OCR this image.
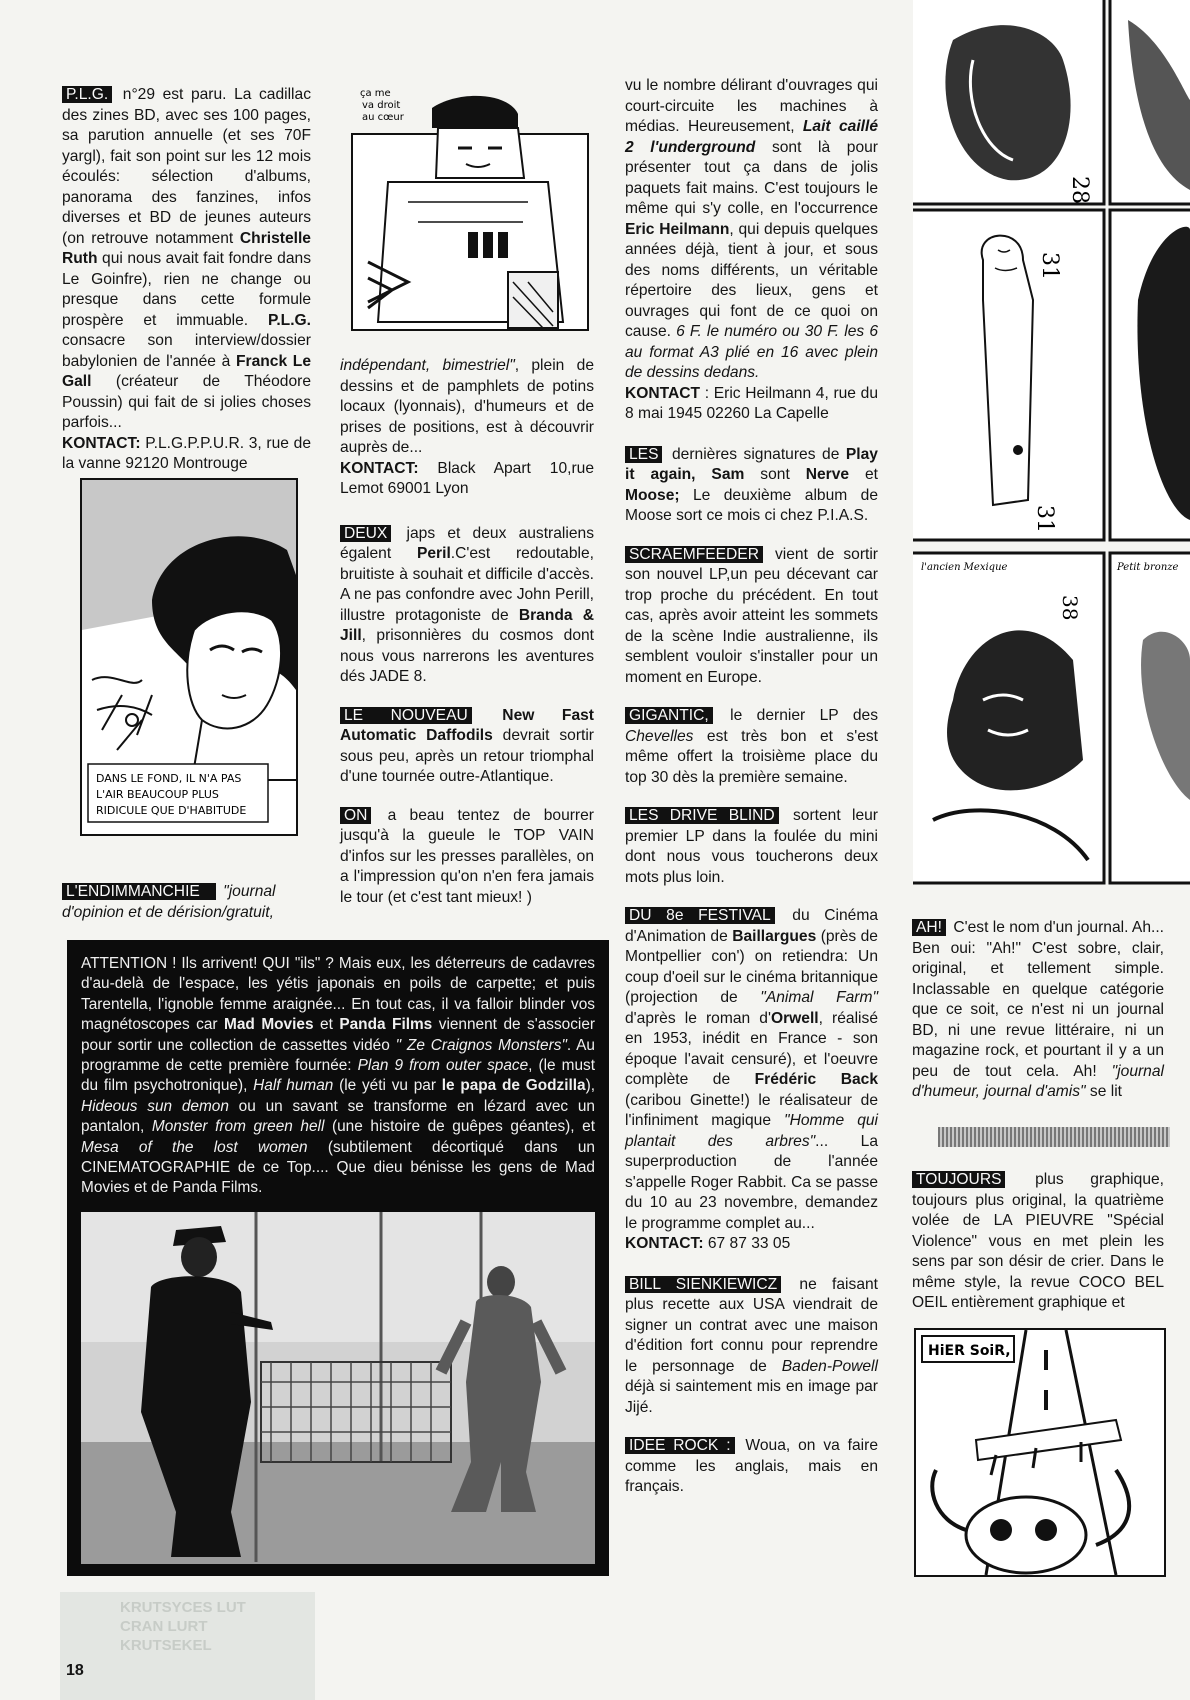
P.L.G. n°29 est paru. La cadillac des zines BD, avec ses 100 pages, sa parution annuelle (et ses 70F yargl), fait son point sur les 12 mois écoulés: sélection d'albums, panorama des fanzines, infos diverses et BD de jeunes auteurs (on retrouve notamment Christelle Ruth qui nous avait fait fondre dans Le Goinfre), rien ne change ou presque dans cette formule prospère et immuable. P.L.G. consacre son interview/dossier babylonien de l'année à Franck Le Gall (créateur de Théodore Poussin) qui fait de si jolies choses parfois...

KONTACT: P.L.G.P.P.U.R. 3, rue de la vanne 92120 Montrouge

DANS LE FOND, IL N'A PAS
L'AIR BEAUCOUP PLUS
RIDICULE QUE D'HABITUDE

L'ENDIMMANCHIE "journal d'opinion et de dérision/gratuit,

ça me
va droit
au cœur

indépendant, bimestriel", plein de dessins et de pamphlets de potins locaux (lyonnais), d'humeurs et de prises de positions, est à découvrir auprès de...

KONTACT: Black Apart 10,rue Lemot 69001 Lyon

DEUX japs et deux australiens égalent Peril.C'est redoutable, bruitiste à souhait et difficile d'accès. A ne pas confondre avec John Perill, illustre protagoniste de Branda & Jill, prisonnières du cosmos dont nous vous narrerons les aventures dés JADE 8.

LE NOUVEAU New Fast Automatic Daffodils devrait sortir sous peu, après un retour triomphal d'une tournée outre-Atlantique.

ON a beau tentez de bourrer jusqu'à la gueule le TOP VAIN d'infos sur les presses parallèles, on a l'impression qu'on n'en fera jamais le tour (et c'est tant mieux! )

ATTENTION ! Ils arrivent! QUI "ils" ? Mais eux, les déterreurs de cadavres d'au-delà de l'espace, les yétis japonais en poils de carpette; et puis Tarentella, l'ignoble femme araignée... En tout cas, il va falloir blinder vos magnétoscopes car Mad Movies et Panda Films viennent de s'associer pour sortir une collection de cassettes vidéo " Ze Craignos Monsters". Au programme de cette première fournée: Plan 9 from outer space, (le must du film psychotronique), Half human (le yéti vu par le papa de Godzilla), Hideous sun demon ou un savant se transforme en lézard avec un pantalon, Monster from green hell (une histoire de guêpes géantes), et Mesa of the lost women (subtilement décortiqué dans un CINEMATOGRAPHIE de ce Top.... Que dieu bénisse les gens de Mad Movies et de Panda Films.

vu le nombre délirant d'ouvrages qui court-circuite les machines à médias. Heureusement, Lait caillé 2 l'underground sont là pour présenter tout ça dans de jolis paquets fait mains. C'est toujours le même qui s'y colle, en l'occurrence Eric Heilmann, qui depuis quelques années déjà, tient à jour, et sous des noms différents, un véritable répertoire des lieux, gens et ouvrages qui font de ce quoi on cause. 6 F. le numéro ou 30 F. les 6 au format A3 plié en 16 avec plein de dessins dedans.

KONTACT : Eric Heilmann 4, rue du 8 mai 1945 02260 La Capelle

LES dernières signatures de Play it again, Sam sont Nerve et Moose; Le deuxième album de Moose sort ce mois ci chez P.I.A.S.

SCRAEMFEEDER vient de sortir son nouvel LP,un peu décevant car trop proche du précédent. En tout cas, après avoir atteint les sommets de la scène Indie australienne, ils semblent vouloir s'installer pour un moment en Europe.

GIGANTIC, le dernier LP des Chevelles est très bon et s'est même offert la troisième place du top 30 dès la première semaine.

LES DRIVE BLIND sortent leur premier LP dans la foulée du mini dont nous vous toucherons deux mots plus loin.

DU 8e FESTIVAL du Cinéma d'Animation de Baillargues (près de Montpellier con') on retiendra: Un coup d'oeil sur le cinéma britannique (projection de "Animal Farm" d'après le roman d'Orwell, réalisé en 1953, inédit en France - son époque l'avait censuré), et l'oeuvre complète de Frédéric Back (caribou Ginette!) le réalisateur de l'infiniment magique "Homme qui plantait des arbres"... La superproduction de l'année s'appelle Roger Rabbit. Ca se passe du 10 au 23 novembre, demandez le programme complet au...

KONTACT: 67 87 33 05

BILL SIENKIEWICZ ne faisant plus recette aux USA viendrait de signer un contrat avec une maison d'édition fort connu pour reprendre le personnage de Baden-Powell déjà si saintement mis en image par Jijé.

IDEE ROCK : Woua, on va faire comme les anglais, mais en français.

28
31
31
l'ancien Mexique
38
Petit bronze

AH! C'est le nom d'un journal. Ah... Ben oui: "Ah!" C'est sobre, clair, original, et tellement simple. Inclassable en quelque catégorie que ce soit, ce n'est ni un journal BD, ni une revue littéraire, ni un magazine rock, et pourtant il y a un peu de tout cela. Ah! "journal d'humeur, journal d'amis" se lit

TOUJOURS plus graphique, toujours plus original, la quatrième volée de LA PIEUVRE "Spécial Violence" vous en met plein les sens par son désir de crier. Dans le même style, la revue COCO BEL OEIL entièrement graphique et

HiER SoiR,
KRUTSYCES LUT
CRAN LURT
KRUTSEKEL
18
